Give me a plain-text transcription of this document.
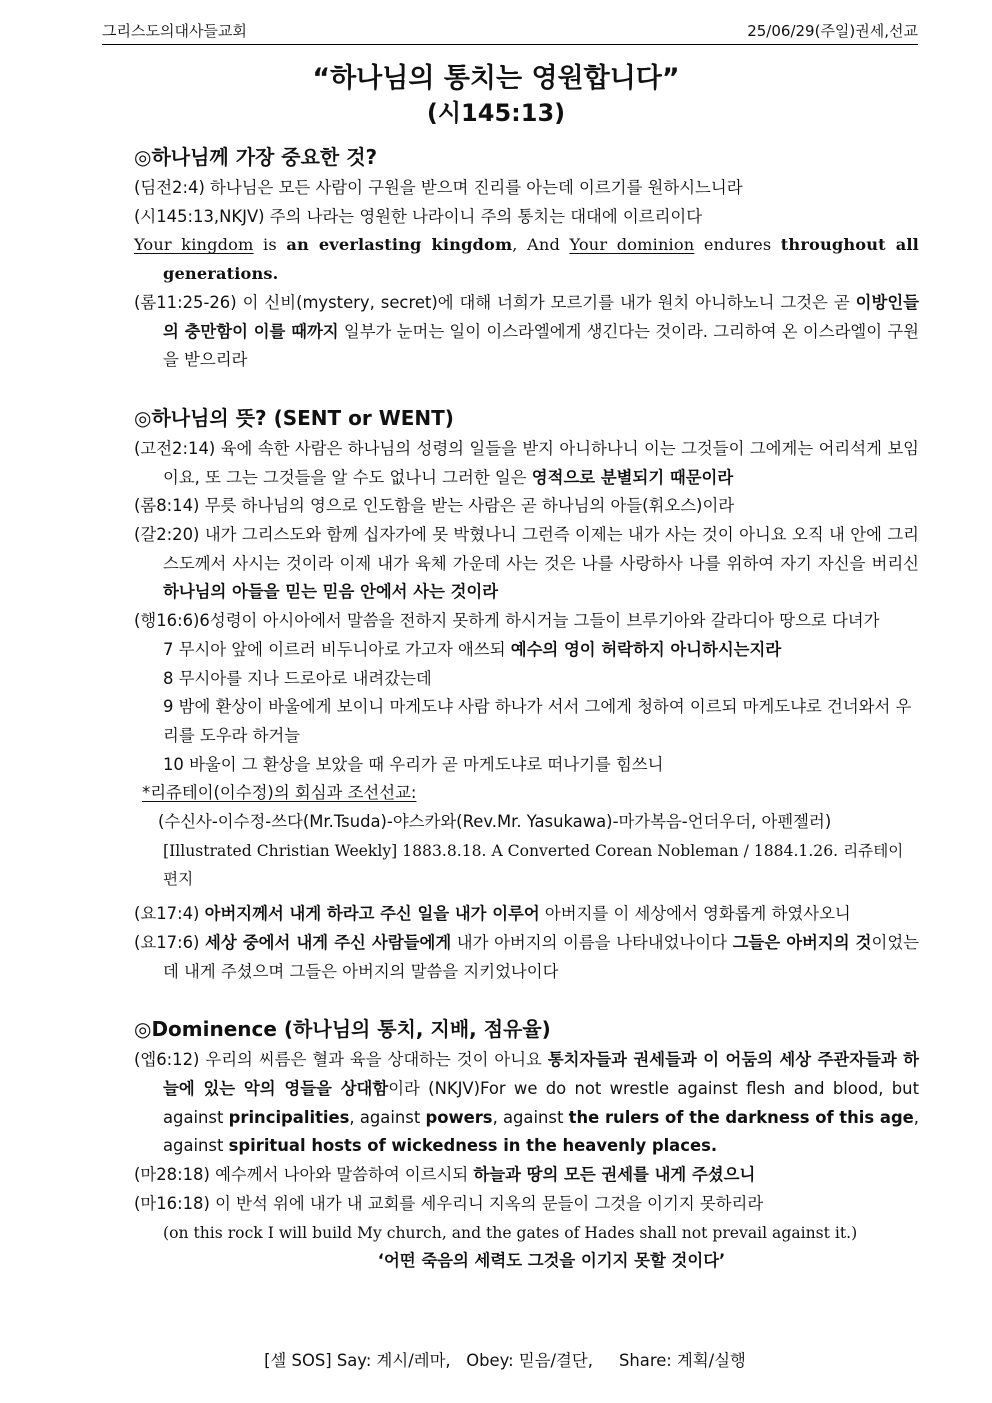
그리스도의대사들교회	25/06/29(주일)권세,선교
“하나님의 통치는 영원합니다”
(시145:13)
◎하나님께 가장 중요한 것?

(딤전2:4) 하나님은 모든 사람이 구원을 받으며 진리를 아는데 이르기를 원하시느니라

(시145:13,NKJV) 주의 나라는 영원한 나라이니 주의 통치는 대대에 이르리이다

Your kingdom is an everlasting kingdom, And Your dominion endures throughout all generations.

(롬11:25-26) 이 신비(mystery, secret)에 대해 너희가 모르기를 내가 원치 아니하노니 그것은 곧 이방인들의 충만함이 이를 때까지 일부가 눈머는 일이 이스라엘에게 생긴다는 것이라. 그리하여 온 이스라엘이 구원을 받으리라

◎하나님의 뜻? (SENT or WENT)

(고전2:14) 육에 속한 사람은 하나님의 성령의 일들을 받지 아니하나니 이는 그것들이 그에게는 어리석게 보임이요, 또 그는 그것들을 알 수도 없나니 그러한 일은 영적으로 분별되기 때문이라

(롬8:14) 무릇 하나님의 영으로 인도함을 받는 사람은 곧 하나님의 아들(휘오스)이라

(갈2:20) 내가 그리스도와 함께 십자가에 못 박혔나니 그런즉 이제는 내가 사는 것이 아니요 오직 내 안에 그리스도께서 사시는 것이라 이제 내가 육체 가운데 사는 것은 나를 사랑하사 나를 위하여 자기 자신을 버리신 하나님의 아들을 믿는 믿음 안에서 사는 것이라

(행16:6)6성령이 아시아에서 말씀을 전하지 못하게 하시거늘 그들이 브루기아와 갈라디아 땅으로 다녀가

7 무시아 앞에 이르러 비두니아로 가고자 애쓰되 예수의 영이 허락하지 아니하시는지라

8 무시아를 지나 드로아로 내려갔는데

9 밤에 환상이 바울에게 보이니 마게도냐 사람 하나가 서서 그에게 청하여 이르되 마게도냐로 건너와서 우리를 도우라 하거늘

10 바울이 그 환상을 보았을 때 우리가 곧 마게도냐로 떠나기를 힘쓰니

*리쥬테이(이수정)의 회심과 조선선교:

(수신사-이수정-쓰다(Mr.Tsuda)-야스카와(Rev.Mr. Yasukawa)-마가복음-언더우더, 아펜젤러)

[Illustrated Christian Weekly] 1883.8.18. A Converted Corean Nobleman / 1884.1.26. 리쥬테이 편지

(요17:4) 아버지께서 내게 하라고 주신 일을 내가 이루어 아버지를 이 세상에서 영화롭게 하였사오니

(요17:6) 세상 중에서 내게 주신 사람들에게 내가 아버지의 이름을 나타내었나이다 그들은 아버지의 것이었는데 내게 주셨으며 그들은 아버지의 말씀을 지키었나이다

◎Dominence (하나님의 통치, 지배, 점유율)

(엡6:12) 우리의 씨름은 혈과 육을 상대하는 것이 아니요 통치자들과 권세들과 이 어둠의 세상 주관자들과 하늘에 있는 악의 영들을 상대함이라 (NKJV)For we do not wrestle against flesh and blood, but against principalities, against powers, against the rulers of the darkness of this age, against spiritual hosts of wickedness in the heavenly places.

(마28:18) 예수께서 나아와 말씀하여 이르시되 하늘과 땅의 모든 권세를 내게 주셨으니

(마16:18) 이 반석 위에 내가 내 교회를 세우리니 지옥의 문들이 그것을 이기지 못하리라

(on this rock I will build My church, and the gates of Hades shall not prevail against it.)

‘어떤 죽음의 세력도 그것을 이기지 못할 것이다’

[셀 SOS] Say: 계시/레마,   Obey: 믿음/결단,     Share: 계획/실행
